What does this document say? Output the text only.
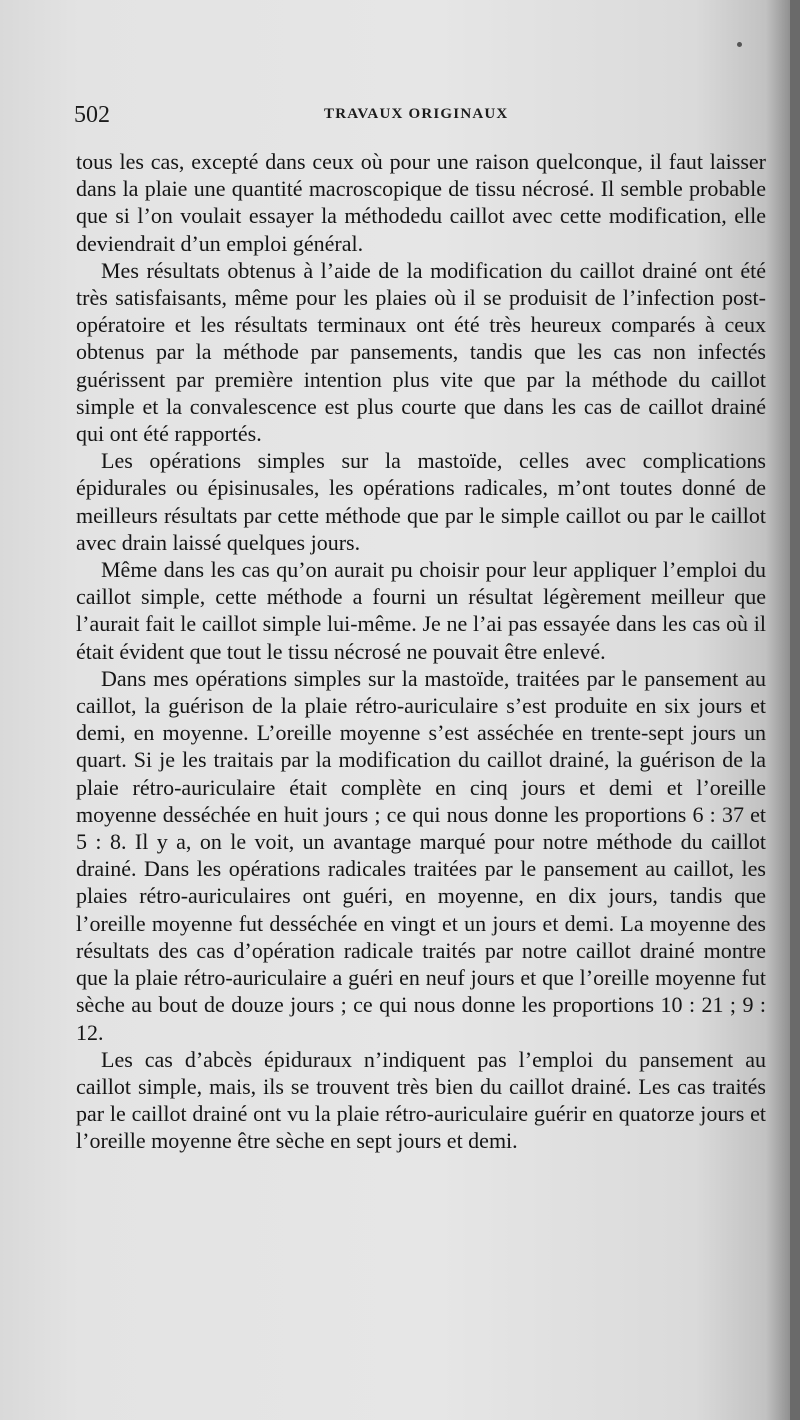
502	TRAVAUX ORIGINAUX

tous les cas, excepté dans ceux où pour une raison quelconque, il faut laisser dans la plaie une quantité macroscopique de tissu nécrosé. Il semble probable que si l’on voulait essayer la méthodedu caillot avec cette modification, elle deviendrait d’un emploi général.

Mes résultats obtenus à l’aide de la modification du caillot drainé ont été très satisfaisants, même pour les plaies où il se produisit de l’infection post-opératoire et les résultats terminaux ont été très heureux comparés à ceux obtenus par la méthode par pansements, tandis que les cas non infectés guérissent par première intention plus vite que par la méthode du caillot simple et la convalescence est plus courte que dans les cas de caillot drainé qui ont été rapportés.

Les opérations simples sur la mastoïde, celles avec complications épidurales ou épisinusales, les opérations radicales, m’ont toutes donné de meilleurs résultats par cette méthode que par le simple caillot ou par le caillot avec drain laissé quelques jours.

Même dans les cas qu’on aurait pu choisir pour leur appliquer l’emploi du caillot simple, cette méthode a fourni un résultat légèrement meilleur que l’aurait fait le caillot simple lui-même. Je ne l’ai pas essayée dans les cas où il était évident que tout le tissu nécrosé ne pouvait être enlevé.

Dans mes opérations simples sur la mastoïde, traitées par le pansement au caillot, la guérison de la plaie rétro-auriculaire s’est produite en six jours et demi, en moyenne. L’oreille moyenne s’est asséchée en trente-sept jours un quart. Si je les traitais par la modification du caillot drainé, la guérison de la plaie rétro-auriculaire était complète en cinq jours et demi et l’oreille moyenne desséchée en huit jours ; ce qui nous donne les proportions 6 : 37 et 5 : 8. Il y a, on le voit, un avantage marqué pour notre méthode du caillot drainé. Dans les opérations radicales traitées par le pansement au caillot, les plaies rétro-auriculaires ont guéri, en moyenne, en dix jours, tandis que l’oreille moyenne fut desséchée en vingt et un jours et demi. La moyenne des résultats des cas d’opération radicale traités par notre caillot drainé montre que la plaie rétro-auriculaire a guéri en neuf jours et que l’oreille moyenne fut sèche au bout de douze jours ; ce qui nous donne les proportions 10 : 21 ; 9 : 12.

Les cas d’abcès épiduraux n’indiquent pas l’emploi du pansement au caillot simple, mais, ils se trouvent très bien du caillot drainé. Les cas traités par le caillot drainé ont vu la plaie rétro-auriculaire guérir en quatorze jours et l’oreille moyenne être sèche en sept jours et demi.
